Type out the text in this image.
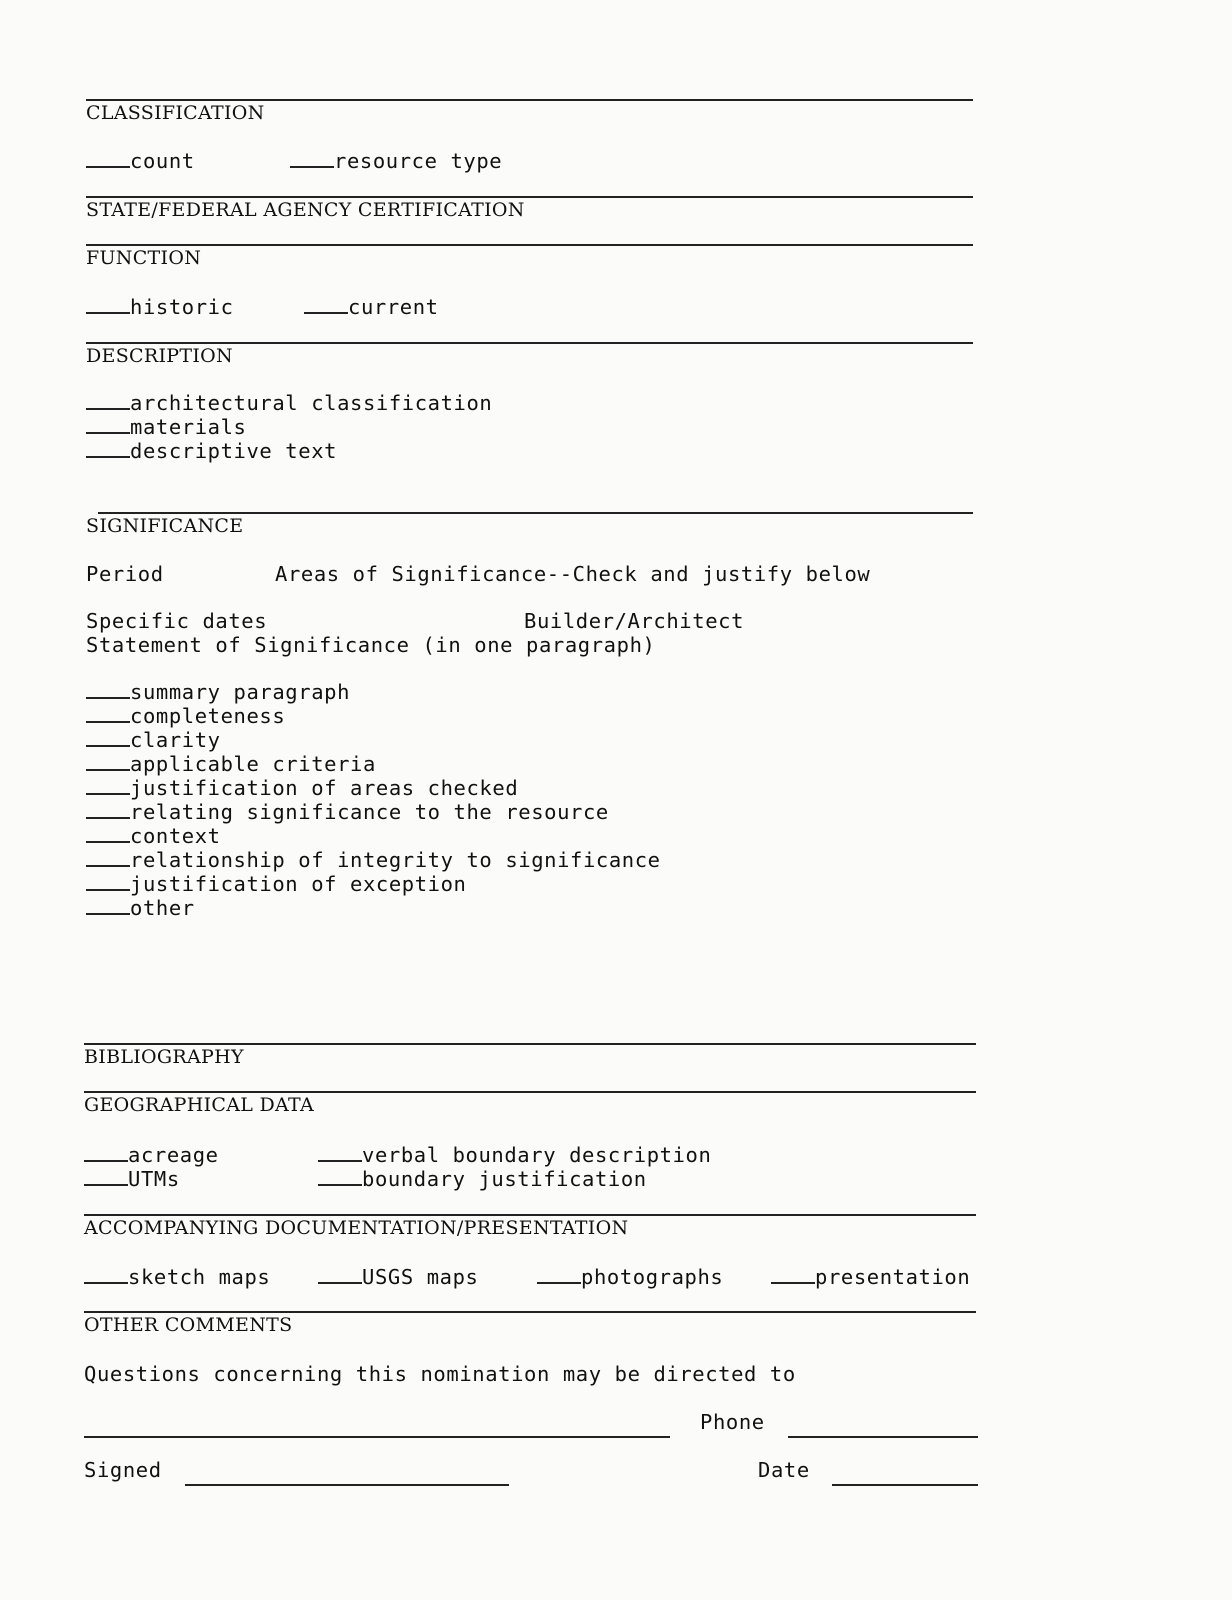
CLASSIFICATION
count	resource type
STATE/FEDERAL AGENCY CERTIFICATION
FUNCTION
historic	current
DESCRIPTION
architectural classification
materials
descriptive text
SIGNIFICANCE
Period	Areas of Significance--Check and justify below
Specific dates	Builder/Architect
Statement of Significance (in one paragraph)
summary paragraph
completeness
clarity
applicable criteria
justification of areas checked
relating significance to the resource
context
relationship of integrity to significance
justification of exception
other
BIBLIOGRAPHY
GEOGRAPHICAL DATA
acreage	verbal boundary description
UTMs	boundary justification
ACCOMPANYING DOCUMENTATION/PRESENTATION
sketch maps	USGS maps	photographs	presentation
OTHER COMMENTS
Questions concerning this nomination may be directed to
Phone
Signed	Date
